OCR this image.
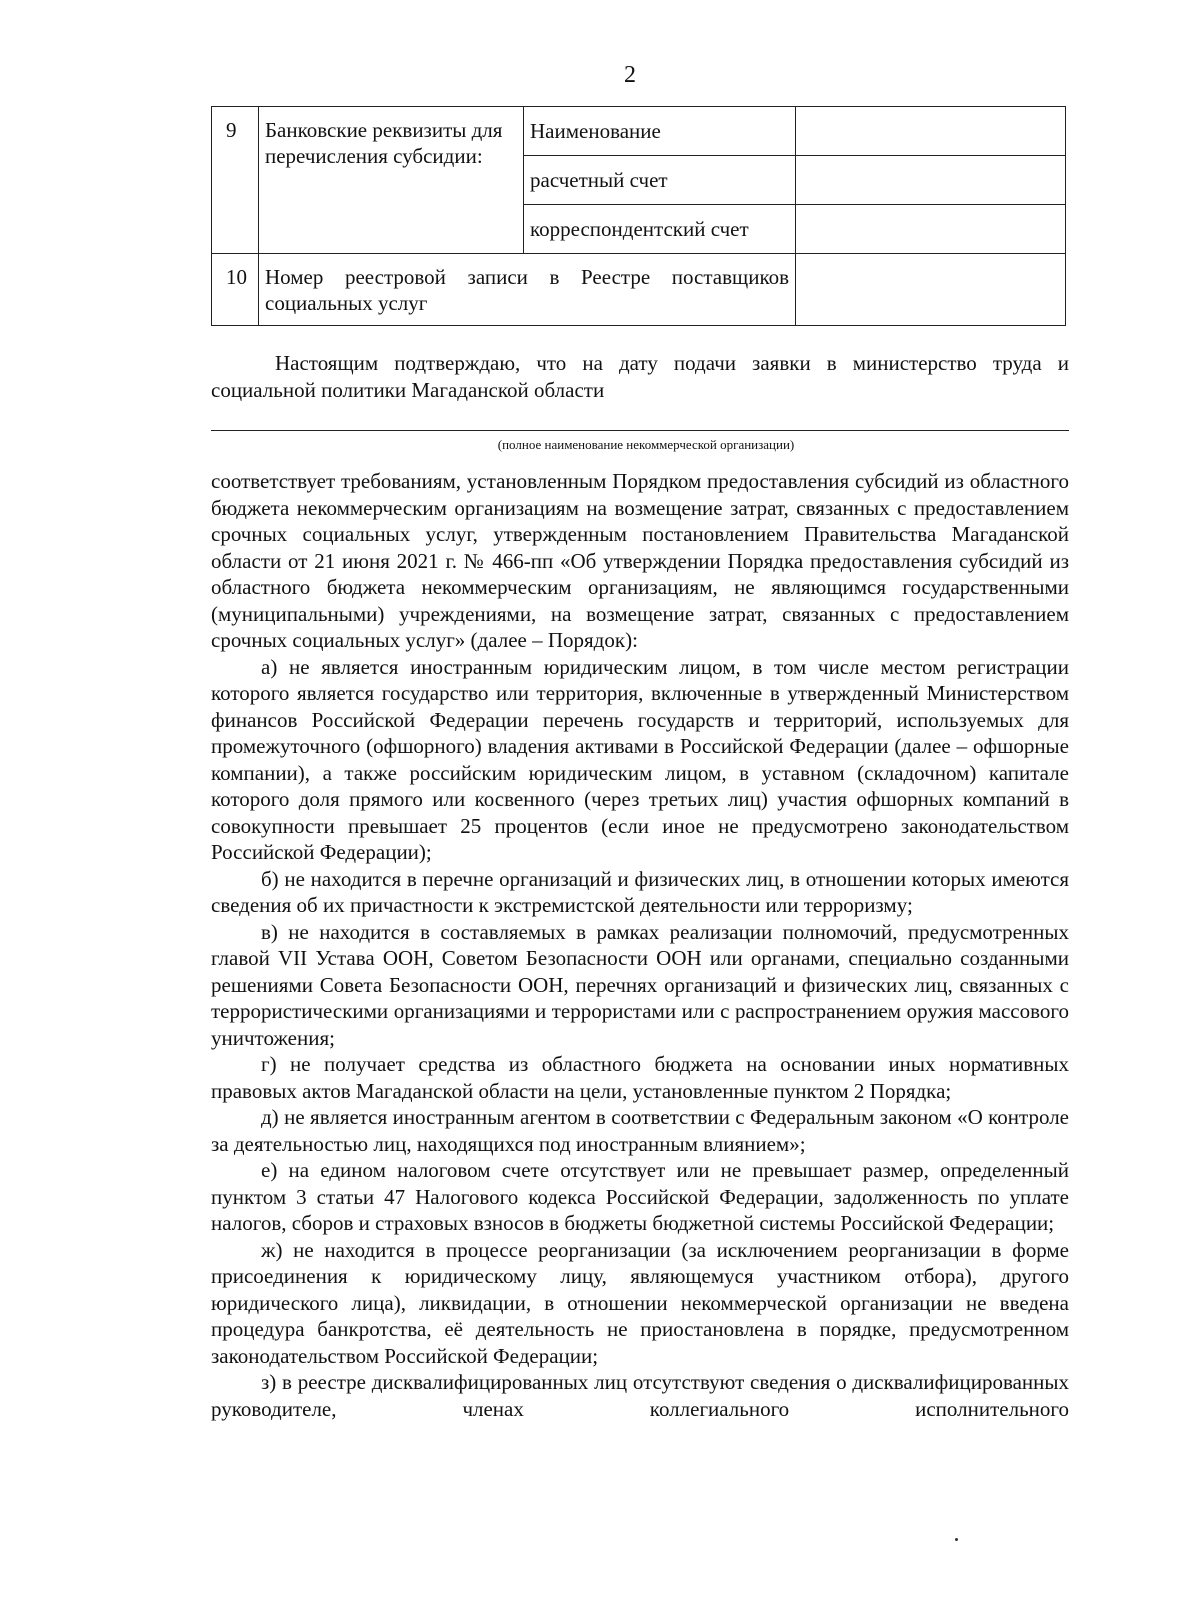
2
9	Банковские реквизиты для перечисления субсидии:	Наименование	
		расчетный счет	
		корреспондентский счет	
10	Номер реестровой записи в Реестре поставщиков социальных услуг		
Настоящим подтверждаю, что на дату подачи заявки в министерство труда и социальной политики Магаданской области
(полное наименование некоммерческой организации)

соответствует требованиям, установленным Порядком предоставления субсидий из областного бюджета некоммерческим организациям на возмещение затрат, связанных с предоставлением срочных социальных услуг, утвержденным постановлением Правительства Магаданской области от 21 июня 2021 г. № 466-пп «Об утверждении Порядка предоставления субсидий из областного бюджета некоммерческим организациям, не являющимся государственными (муниципальными) учреждениями, на возмещение затрат, связанных с предоставлением срочных социальных услуг» (далее – Порядок):

а) не является иностранным юридическим лицом, в том числе местом регистрации которого является государство или территория, включенные в утвержденный Министерством финансов Российской Федерации перечень государств и территорий, используемых для промежуточного (офшорного) владения активами в Российской Федерации (далее – офшорные компании), а также российским юридическим лицом, в уставном (складочном) капитале которого доля прямого или косвенного (через третьих лиц) участия офшорных компаний в совокупности превышает 25 процентов (если иное не предусмотрено законодательством Российской Федерации);

б) не находится в перечне организаций и физических лиц, в отношении которых имеются сведения об их причастности к экстремистской деятельности или терроризму;

в) не находится в составляемых в рамках реализации полномочий, предусмотренных главой VII Устава ООН, Советом Безопасности ООН или органами, специально созданными решениями Совета Безопасности ООН, перечнях организаций и физических лиц, связанных с террористическими организациями и террористами или с распространением оружия массового уничтожения;

г) не получает средства из областного бюджета на основании иных нормативных правовых актов Магаданской области на цели, установленные пунктом 2 Порядка;

д) не является иностранным агентом в соответствии с Федеральным законом «О контроле за деятельностью лиц, находящихся под иностранным влиянием»;

е) на едином налоговом счете отсутствует или не превышает размер, определенный пунктом 3 статьи 47 Налогового кодекса Российской Федерации, задолженность по уплате налогов, сборов и страховых взносов в бюджеты бюджетной системы Российской Федерации;

ж) не находится в процессе реорганизации (за исключением реорганизации в форме присоединения к юридическому лицу, являющемуся участником отбора), другого юридического лица), ликвидации, в отношении некоммерческой организации не введена процедура банкротства, её деятельность не приостановлена в порядке, предусмотренном законодательством Российской Федерации;

з) в реестре дисквалифицированных лиц отсутствуют сведения о дисквалифицированных руководителе, членах коллегиального исполнительного
